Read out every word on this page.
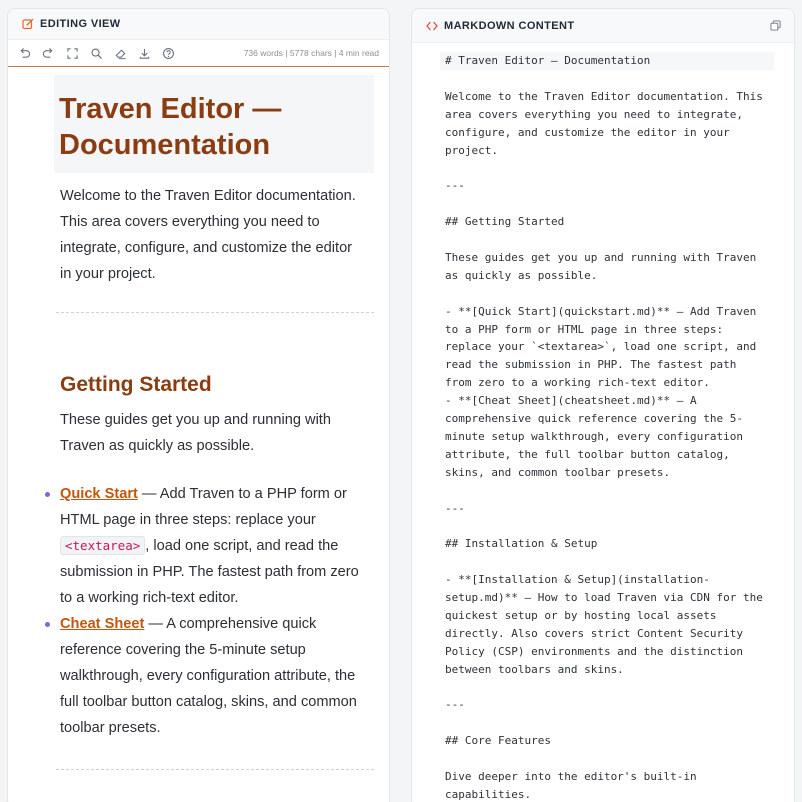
EDITING VIEW
736 words | 5778 chars | 4 min read
Traven Editor — Documentation
Welcome to the Traven Editor documentation. This area covers everything you need to integrate, configure, and customize the editor in your project.
Getting Started
These guides get you up and running with Traven as quickly as possible.
Quick Start — Add Traven to a PHP form or HTML page in three steps: replace your <textarea> , load one script, and read the submission in PHP. The fastest path from zero to a working rich-text editor.
Cheat Sheet — A comprehensive quick reference covering the 5-minute setup walkthrough, every configuration attribute, the full toolbar button catalog, skins, and common toolbar presets.
MARKDOWN CONTENT
# Traven Editor — Documentation
Welcome to the Traven Editor documentation. This
area covers everything you need to integrate,
configure, and customize the editor in your
project.
---
## Getting Started
These guides get you up and running with Traven
as quickly as possible.
- **[Quick Start](quickstart.md)** — Add Traven
to a PHP form or HTML page in three steps:
replace your `<textarea>`, load one script, and
read the submission in PHP. The fastest path
from zero to a working rich-text editor.
- **[Cheat Sheet](cheatsheet.md)** — A
comprehensive quick reference covering the 5-
minute setup walkthrough, every configuration
attribute, the full toolbar button catalog,
skins, and common toolbar presets.
---
## Installation & Setup
- **[Installation & Setup](installation-
setup.md)** — How to load Traven via CDN for the
quickest setup or by hosting local assets
directly. Also covers strict Content Security
Policy (CSP) environments and the distinction
between toolbars and skins.
---
## Core Features
Dive deeper into the editor's built-in
capabilities.
